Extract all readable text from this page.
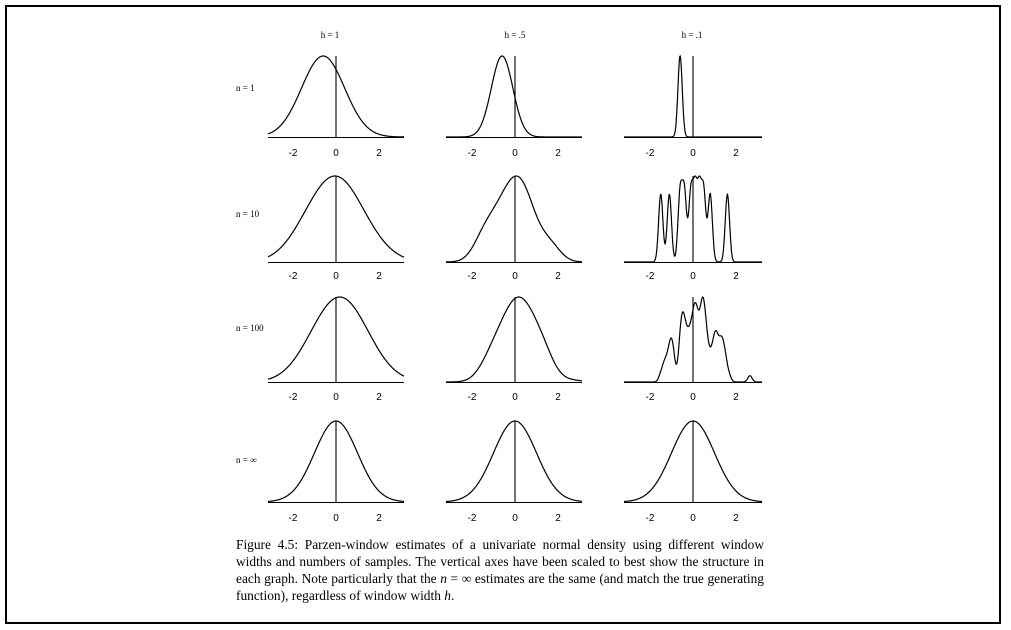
h = 1	h = .5	h = .1
n = 1
n = 10
n = 100
n = ∞
-2	0	2	-2	0	2	-2	0	2
-2	0	2	-2	0	2	-2	0	2
-2	0	2	-2	0	2	-2	0	2
-2	0	2	-2	0	2	-2	0	2
Figure 4.5: Parzen-window estimates of a univariate normal density using different window widths and numbers of samples. The vertical axes have been scaled to best show the structure in each graph. Note particularly that the n = ∞ estimates are the same (and match the true generating function), regardless of window width h.
